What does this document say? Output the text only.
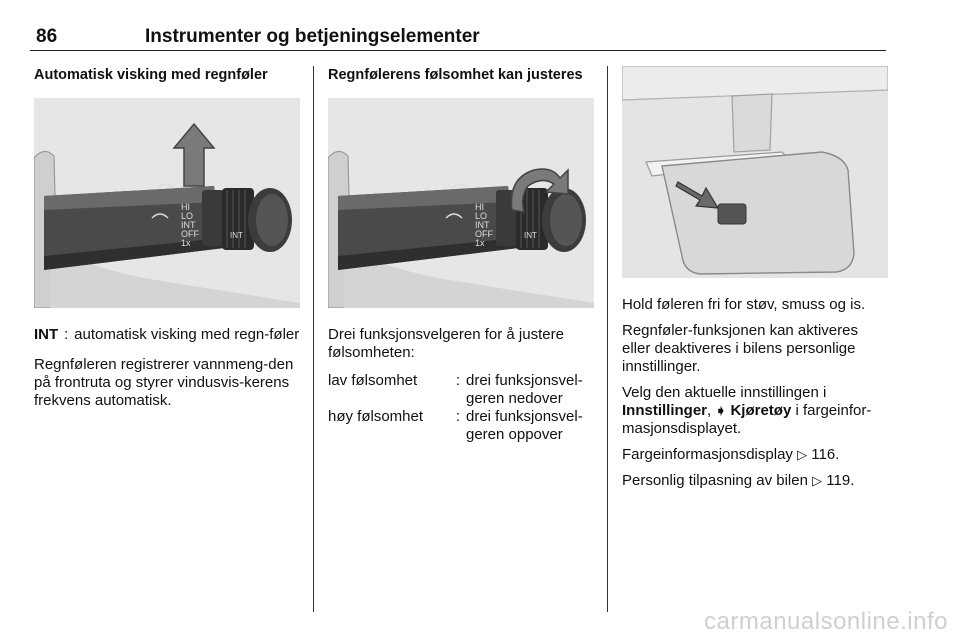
86	Instrumenter og betjeningselementer
Automatisk visking med regnføler
HI
LO
INT
OFF
1x
INT
INT : automatisk visking med regn-føler

Regnføleren registrerer vannmeng-den på frontruta og styrer vindusvis-kerens frekvens automatisk.

Regnfølerens følsomhet kan justeres
HI
LO
INT
OFF
1x
INT

Drei funksjonsvelgeren for å justere følsomheten:

lav følsomhet	: drei funksjonsvel-geren nedover
høy følsomhet	: drei funksjonsvel-geren oppover

Hold føleren fri for støv, smuss og is.

Regnføler-funksjonen kan aktiveres eller deaktiveres i bilens personlige innstillinger.

Velg den aktuelle innstillingen i
Innstillinger, ➧ Kjøretøy i fargeinfor-masjonsdisplayet.

Fargeinformasjonsdisplay ▷ 116.

Personlig tilpasning av bilen ▷ 119.

carmanualsonline.info
